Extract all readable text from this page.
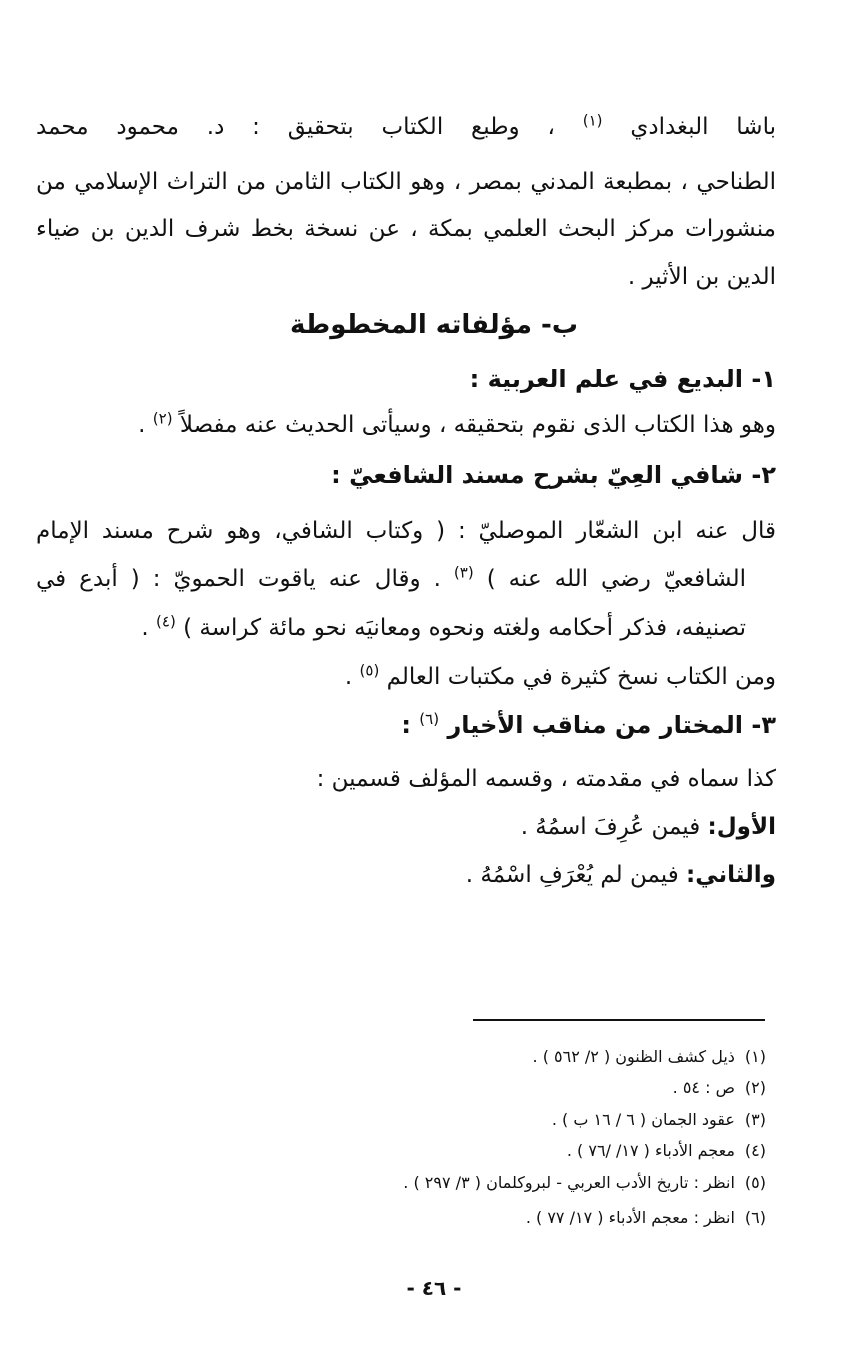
باشا البغدادي $^{(١)}$ ، وطبع الكتاب بتحقيق : د. محمود محمد
الطناحي ، بمطبعة المدني بمصر ، وهو الكتاب الثامن من التراث الإسلامي من
منشورات مركز البحث العلمي بمكة ، عن نسخة بخط شرف الدين بن ضياء
الدين بن الأثير .
ب- مؤلفاته المخطوطة
١- البديع في علم العربية :
وهو هذا الكتاب الذى نقوم بتحقيقه ، وسيأتى الحديث عنه مفصلاً $^{(٢)}$ .
٢- شافي العِيّ بشرح مسند الشافعيّ :
قال عنه ابن الشعّار الموصليّ : ( وكتاب الشافي، وهو شرح مسند الإمام
الشافعيّ رضي الله عنه ) $^{(٣)}$ . وقال عنه ياقوت الحمويّ : ( أبدع في
تصنيفه، فذكر أحكامه ولغته ونحوه ومعانيَه نحو مائة كراسة ) $^{(٤)}$ .
ومن الكتاب نسخ كثيرة في مكتبات العالم $^{(٥)}$ .
٣- المختار من مناقب الأخيار $^{(٦)}$ :
كذا سماه في مقدمته ، وقسمه المؤلف قسمين :
الأول: فيمن عُرِفَ اسمُهُ .
والثاني: فيمن لم يُعْرَفِ اسْمُهُ .
(١)ذيل كشف الظنون ( ٢/ ٥٦٢ ) .
(٢)ص : ٥٤ .
(٣)عقود الجمان ( ٦ / ١٦ ب ) .
(٤)معجم الأدباء ( ١٧/ /٧٦ ) .
(٥)انظر : تاريخ الأدب العربي - لبروكلمان ( ٣/ ٢٩٧ ) .
(٦)انظر : معجم الأدباء ( ١٧/ ٧٧ ) .
- ٤٦ -
